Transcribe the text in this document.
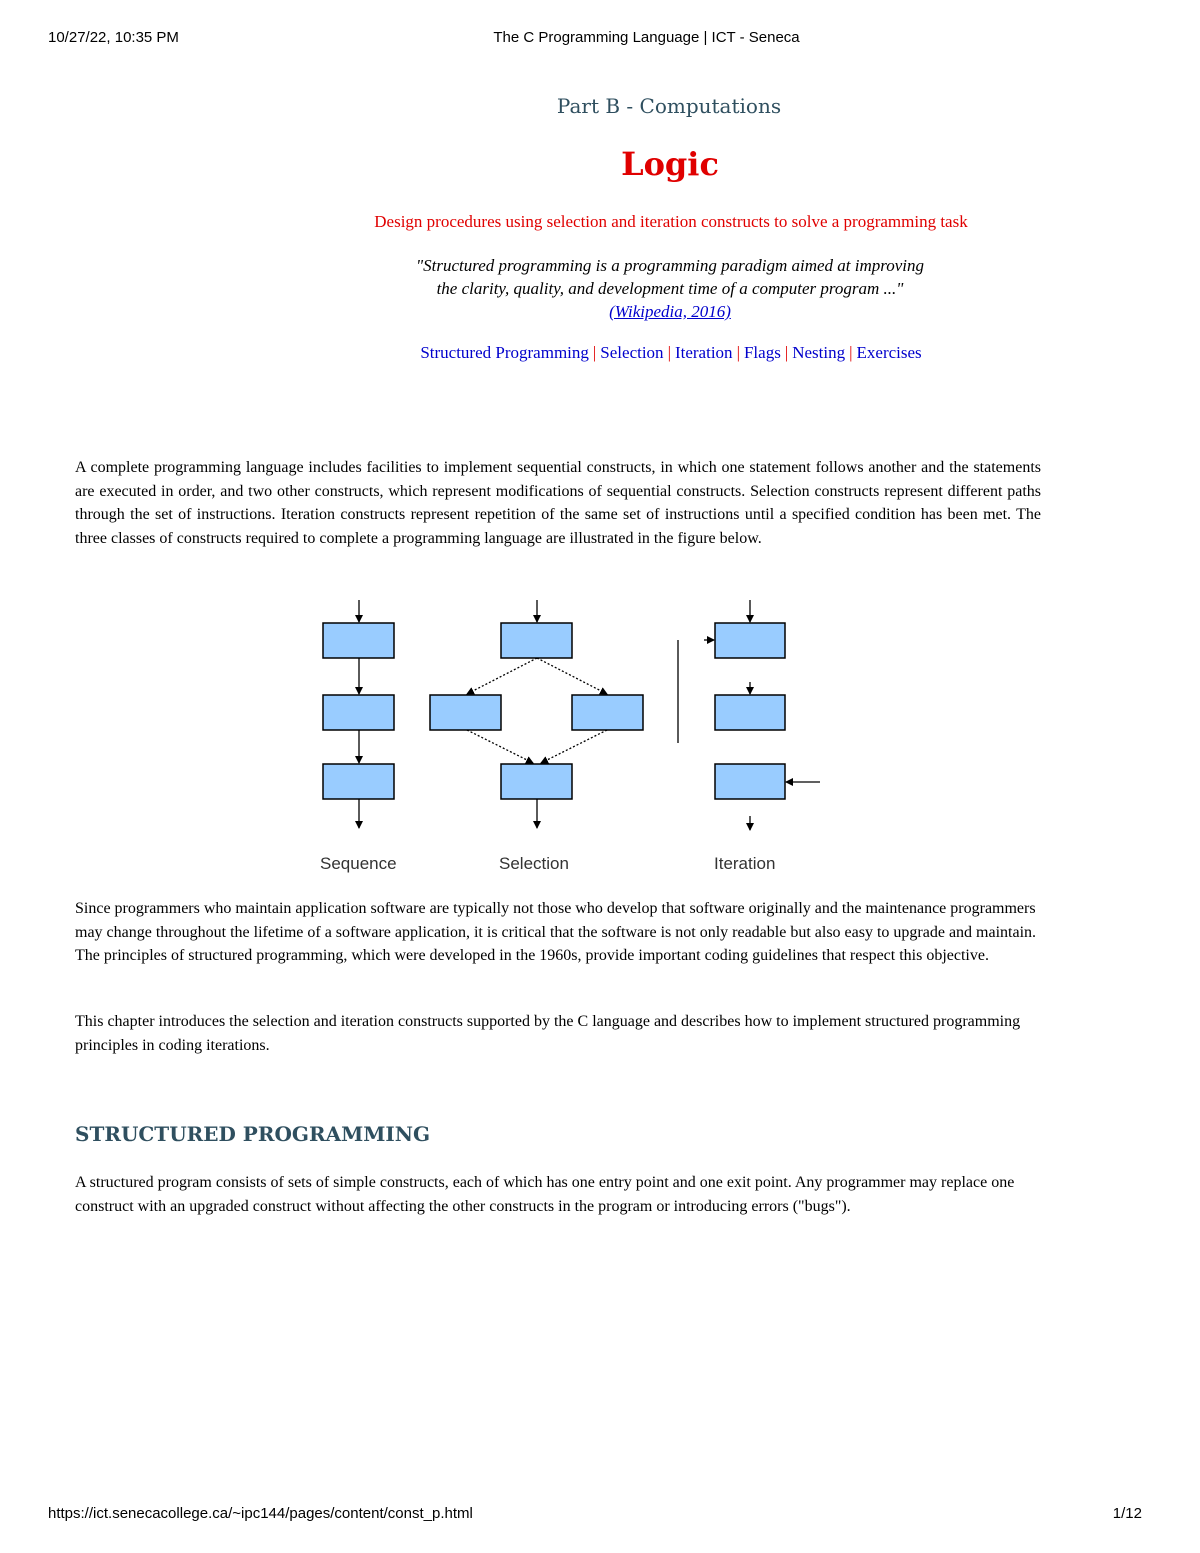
10/27/22, 10:35 PM	The C Programming Language | ICT - Seneca
Part B - Computations
Logic
Design procedures using selection and iteration constructs to solve a programming task
"Structured programming is a programming paradigm aimed at improving
the clarity, quality, and development time of a computer program ..."
(Wikipedia, 2016)
Structured Programming | Selection | Iteration | Flags | Nesting | Exercises

A complete programming language includes facilities to implement sequential constructs, in which one statement follows another and the statements are executed in order, and two other constructs, which represent modifications of sequential constructs. Selection constructs represent different paths through the set of instructions. Iteration constructs represent repetition of the same set of instructions until a specified condition has been met. The three classes of constructs required to complete a programming language are illustrated in the figure below.

Sequence	Selection	Iteration

Since programmers who maintain application software are typically not those who develop that software originally and the maintenance programmers may change throughout the lifetime of a software application, it is critical that the software is not only readable but also easy to upgrade and maintain. The principles of structured programming, which were developed in the 1960s, provide important coding guidelines that respect this objective.

This chapter introduces the selection and iteration constructs supported by the C language and describes how to implement structured programming principles in coding iterations.

STRUCTURED PROGRAMMING

A structured program consists of sets of simple constructs, each of which has one entry point and one exit point. Any programmer may replace one construct with an upgraded construct without affecting the other constructs in the program or introducing errors ("bugs").

https://ict.senecacollege.ca/~ipc144/pages/content/const_p.html	1/12
